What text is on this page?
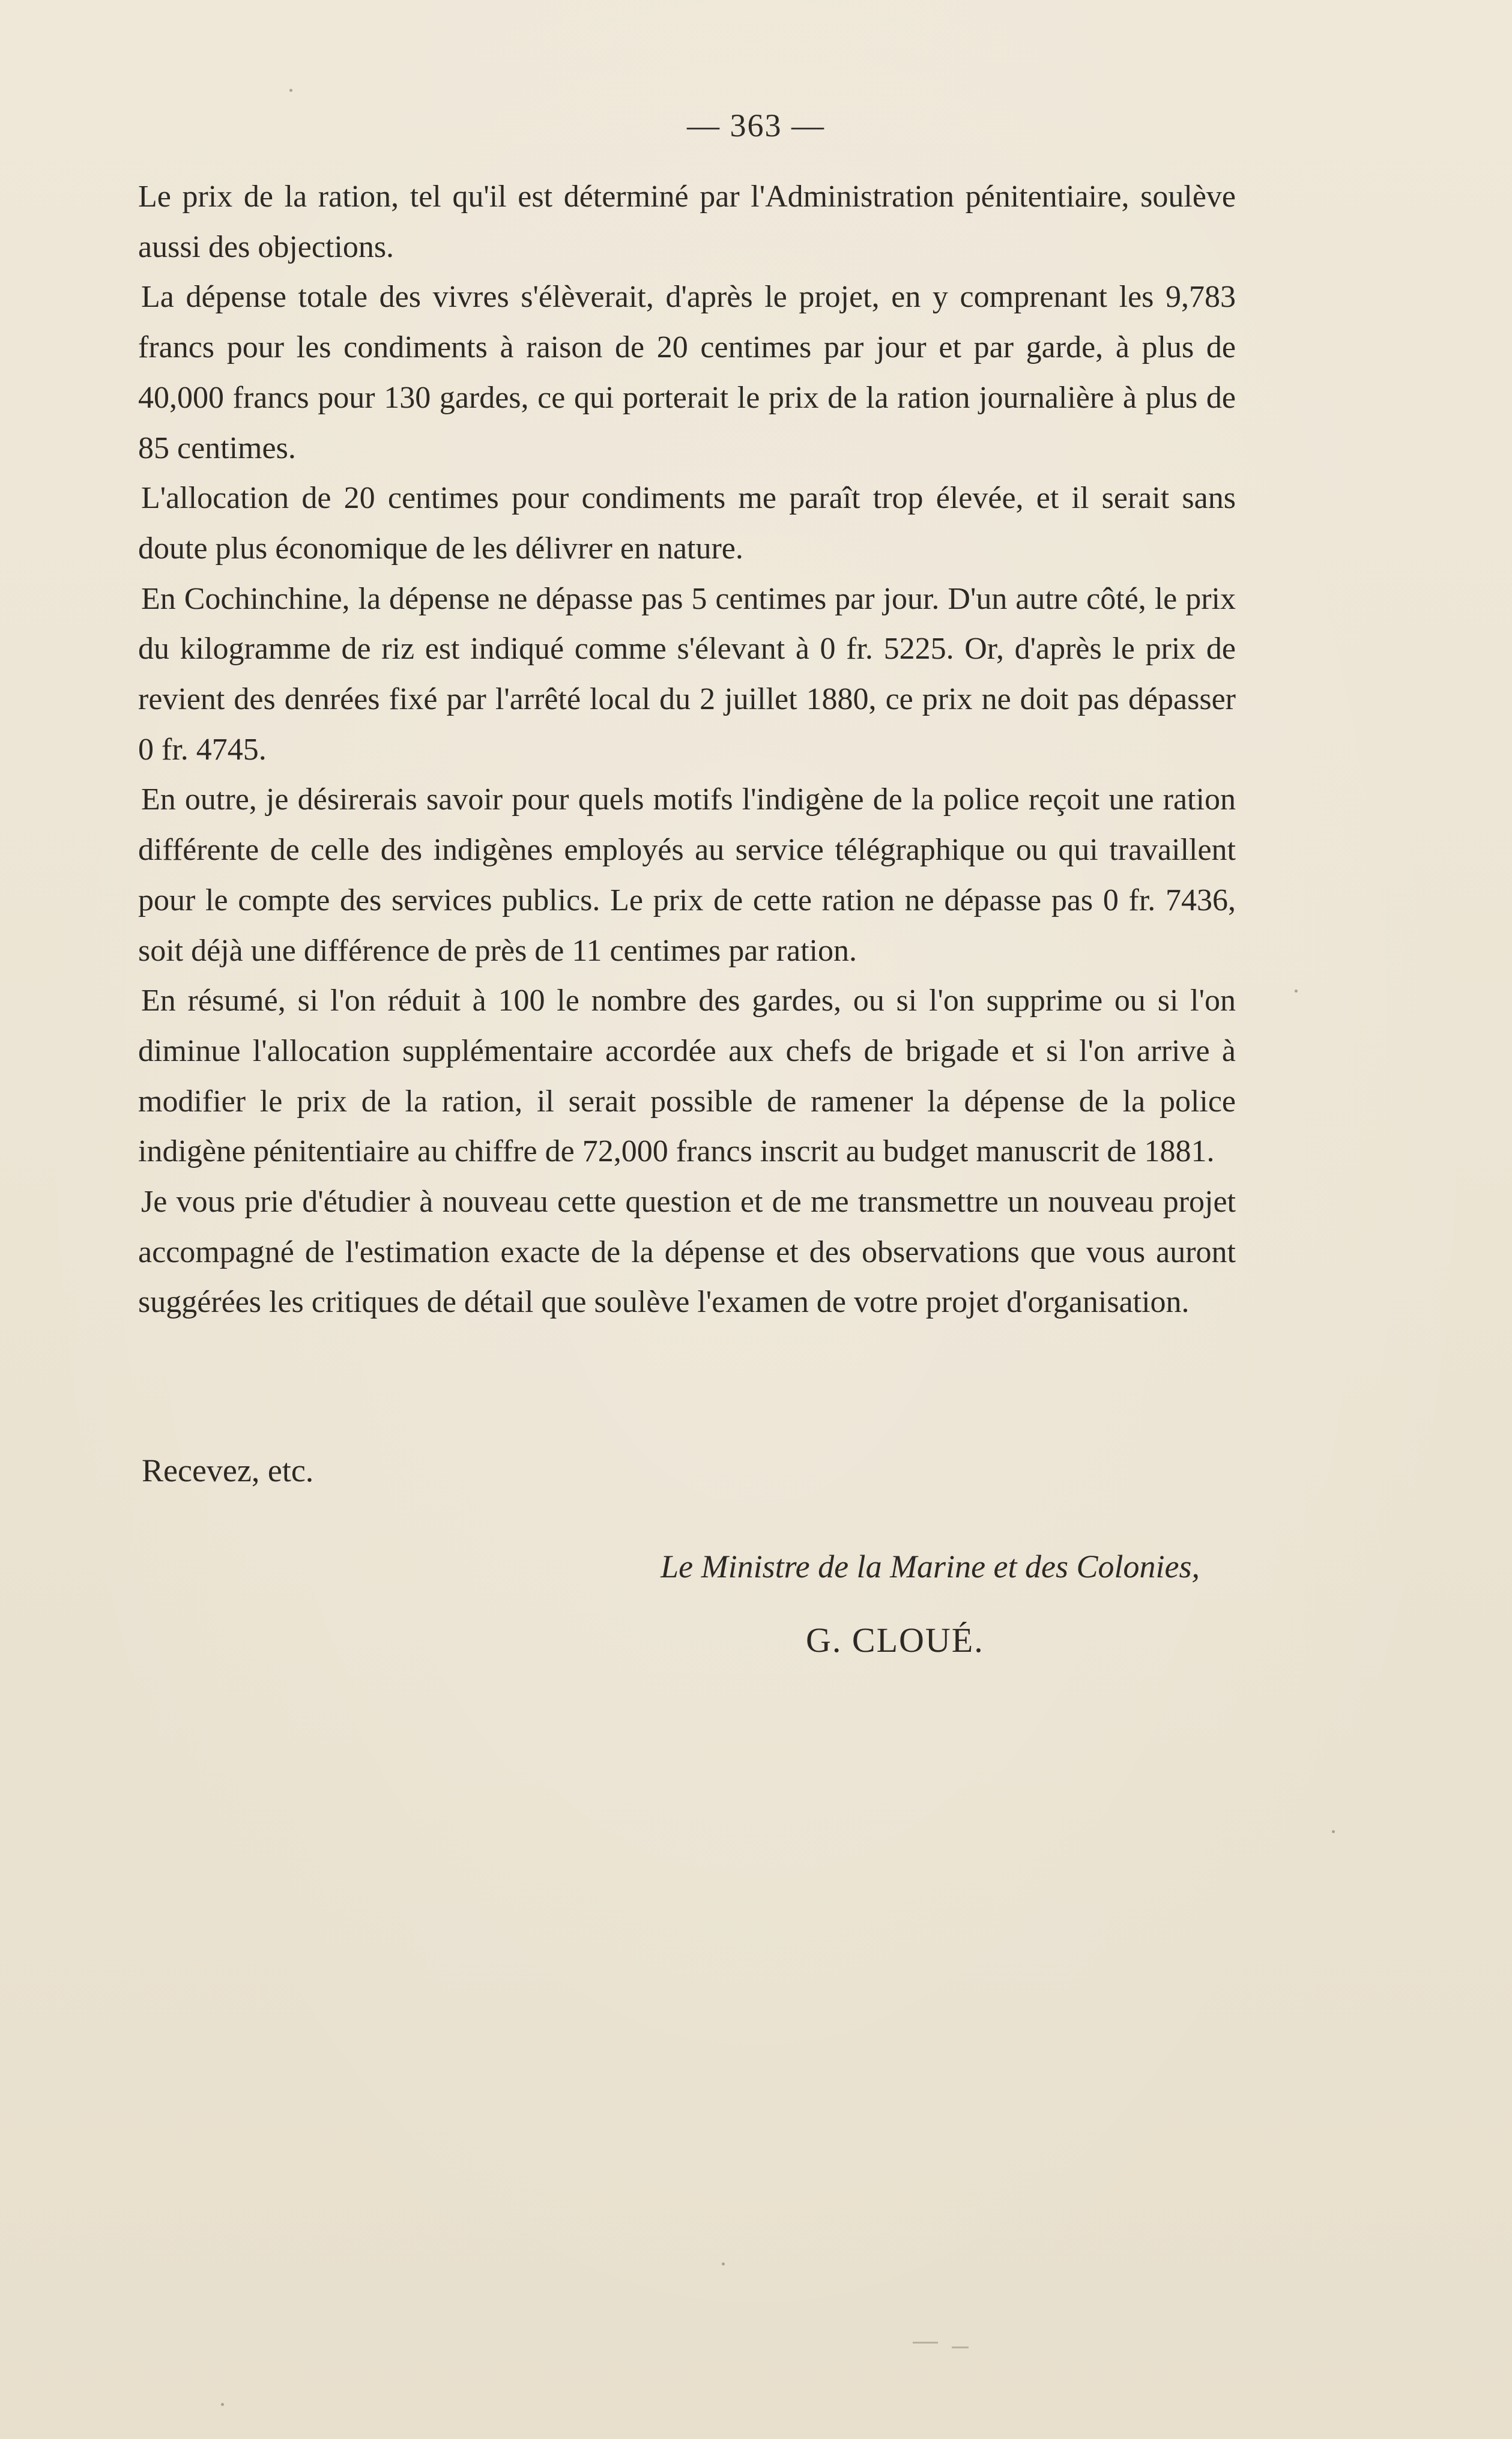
— 363 —

Le prix de la ration, tel qu'il est déterminé par l'Administration pénitentiaire, soulève aussi des objections.

La dépense totale des vivres s'élèverait, d'après le projet, en y comprenant les 9,783 francs pour les condiments à raison de 20 centimes par jour et par garde, à plus de 40,000 francs pour 130 gardes, ce qui porterait le prix de la ration journalière à plus de 85 centimes.

L'allocation de 20 centimes pour condiments me paraît trop élevée, et il serait sans doute plus économique de les délivrer en nature.

En Cochinchine, la dépense ne dépasse pas 5 centimes par jour. D'un autre côté, le prix du kilogramme de riz est indiqué comme s'élevant à 0 fr. 5225. Or, d'après le prix de revient des denrées fixé par l'arrêté local du 2 juillet 1880, ce prix ne doit pas dépasser 0 fr. 4745.

En outre, je désirerais savoir pour quels motifs l'indigène de la police reçoit une ration différente de celle des indigènes employés au service télégraphique ou qui travaillent pour le compte des services publics. Le prix de cette ration ne dépasse pas 0 fr. 7436, soit déjà une différence de près de 11 centimes par ration.

En résumé, si l'on réduit à 100 le nombre des gardes, ou si l'on supprime ou si l'on diminue l'allocation supplémentaire accordée aux chefs de brigade et si l'on arrive à modifier le prix de la ration, il serait possible de ramener la dépense de la police indigène pénitentiaire au chiffre de 72,000 francs inscrit au budget manuscrit de 1881.

Je vous prie d'étudier à nouveau cette question et de me transmettre un nouveau projet accompagné de l'estimation exacte de la dépense et des observations que vous auront suggérées les critiques de détail que soulève l'examen de votre projet d'organisation.

Recevez, etc.
Le Ministre de la Marine et des Colonies,
G. CLOUÉ.
